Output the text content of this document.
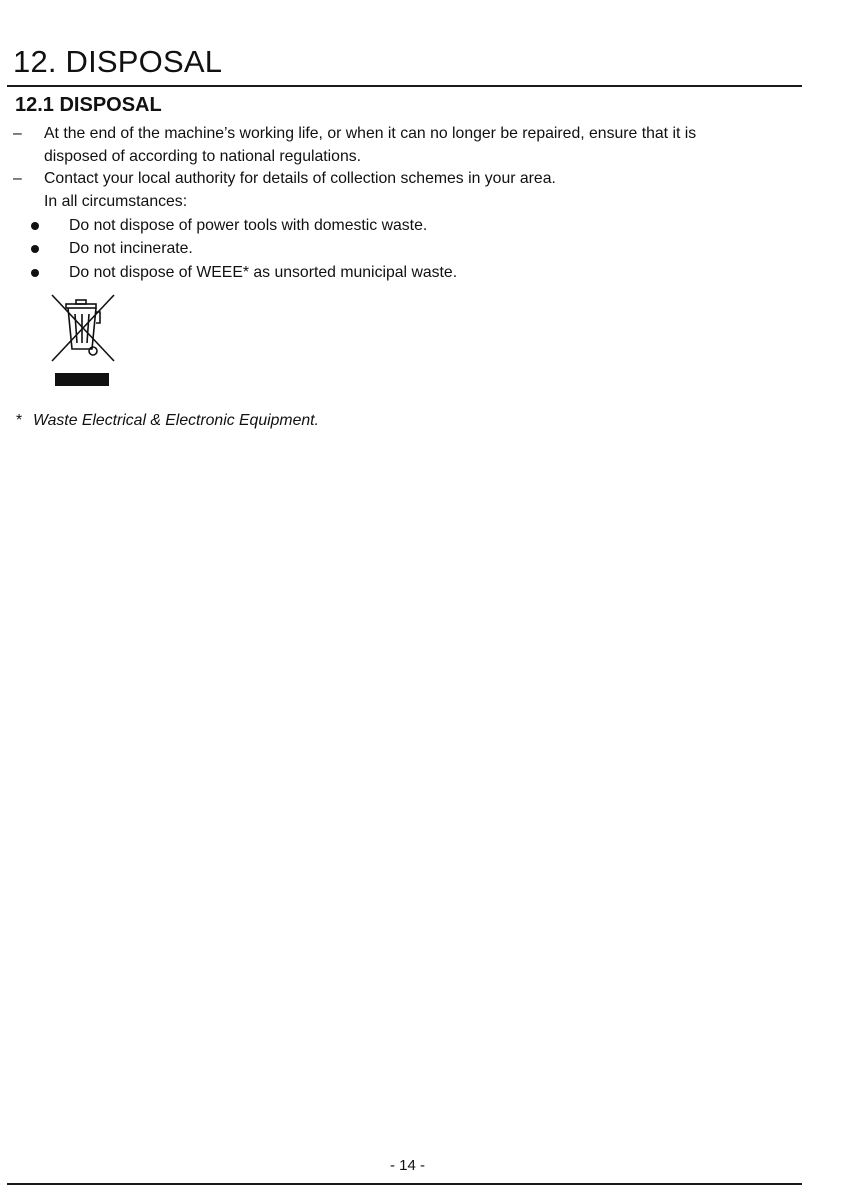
12. DISPOSAL
12.1 DISPOSAL
– At the end of the machine’s working life, or when it can no longer be repaired, ensure that it is
disposed of according to national regulations.
– Contact your local authority for details of collection schemes in your area.
In all circumstances:
Do not dispose of power tools with domestic waste.
Do not incinerate.
Do not dispose of WEEE* as unsorted municipal waste.
* Waste Electrical & Electronic Equipment.
- 14 -
